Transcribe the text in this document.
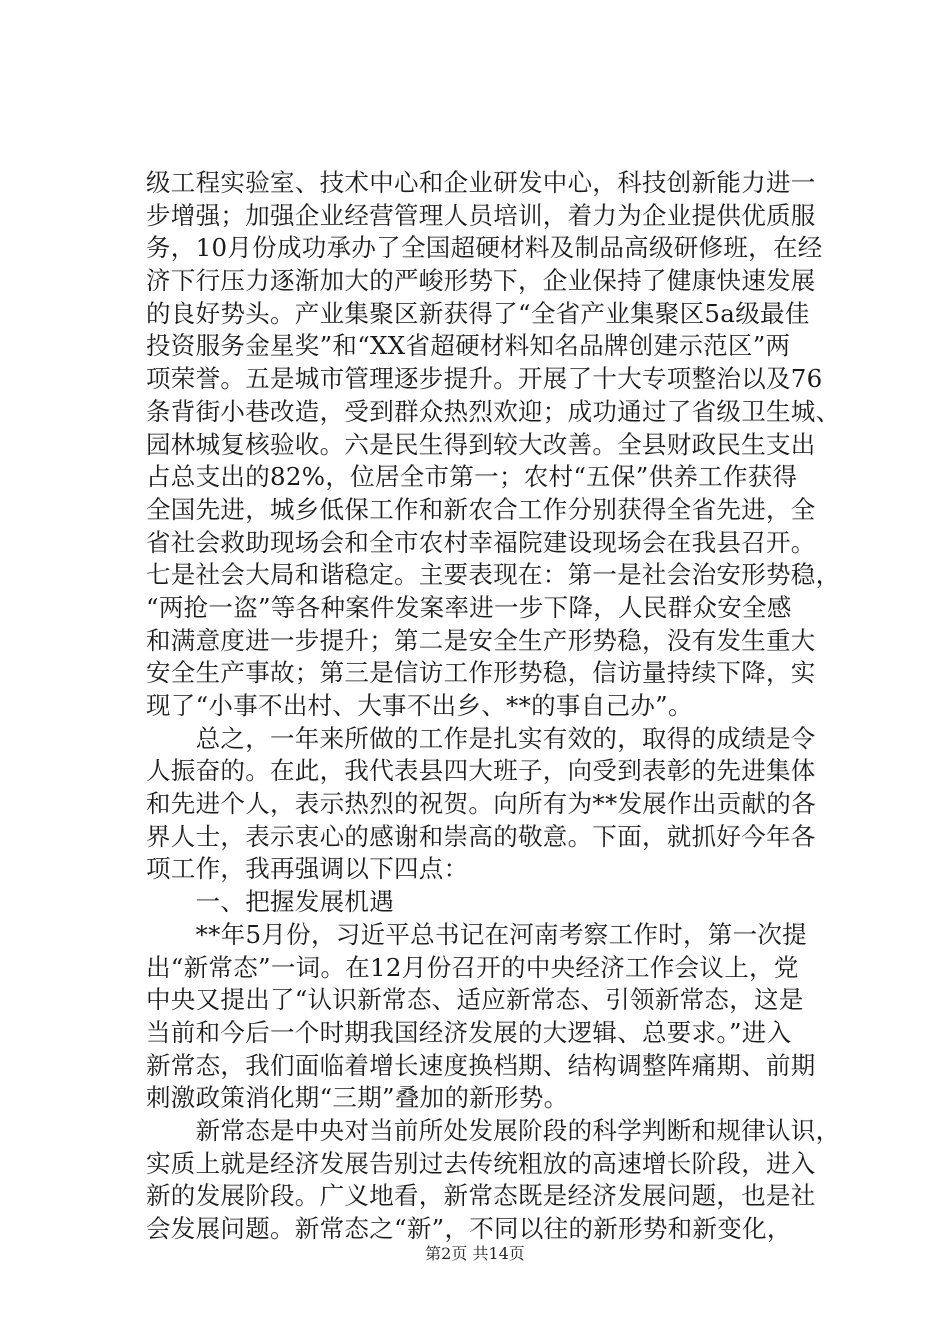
级工程实验室、技术中心和企业研发中心，科技创新能力进一
步增强；加强企业经营管理人员培训，着力为企业提供优质服
务，10月份成功承办了全国超硬材料及制品高级研修班，在经
济下行压力逐渐加大的严峻形势下，企业保持了健康快速发展
的良好势头。产业集聚区新获得了“全省产业集聚区5a级最佳
投资服务金星奖”和“XX省超硬材料知名品牌创建示范区”两
项荣誉。五是城市管理逐步提升。开展了十大专项整治以及76
条背街小巷改造，受到群众热烈欢迎；成功通过了省级卫生城、
园林城复核验收。六是民生得到较大改善。全县财政民生支出
占总支出的82%，位居全市第一；农村“五保”供养工作获得
全国先进，城乡低保工作和新农合工作分别获得全省先进，全
省社会救助现场会和全市农村幸福院建设现场会在我县召开。
七是社会大局和谐稳定。主要表现在：第一是社会治安形势稳，
“两抢一盗”等各种案件发案率进一步下降，人民群众安全感
和满意度进一步提升；第二是安全生产形势稳，没有发生重大
安全生产事故；第三是信访工作形势稳，信访量持续下降，实
现了“小事不出村、大事不出乡、**的事自己办”。
　　总之，一年来所做的工作是扎实有效的，取得的成绩是令
人振奋的。在此，我代表县四大班子，向受到表彰的先进集体
和先进个人，表示热烈的祝贺。向所有为**发展作出贡献的各
界人士，表示衷心的感谢和崇高的敬意。下面，就抓好今年各
项工作，我再强调以下四点：
　　一、把握发展机遇
　　**年5月份，习近平总书记在河南考察工作时，第一次提
出“新常态”一词。在12月份召开的中央经济工作会议上，党
中央又提出了“认识新常态、适应新常态、引领新常态，这是
当前和今后一个时期我国经济发展的大逻辑、总要求。”进入
新常态，我们面临着增长速度换档期、结构调整阵痛期、前期
刺激政策消化期“三期”叠加的新形势。
　　新常态是中央对当前所处发展阶段的科学判断和规律认识，
实质上就是经济发展告别过去传统粗放的高速增长阶段，进入
新的发展阶段。广义地看，新常态既是经济发展问题，也是社
会发展问题。新常态之“新”，不同以往的新形势和新变化，
第2页 共14页
